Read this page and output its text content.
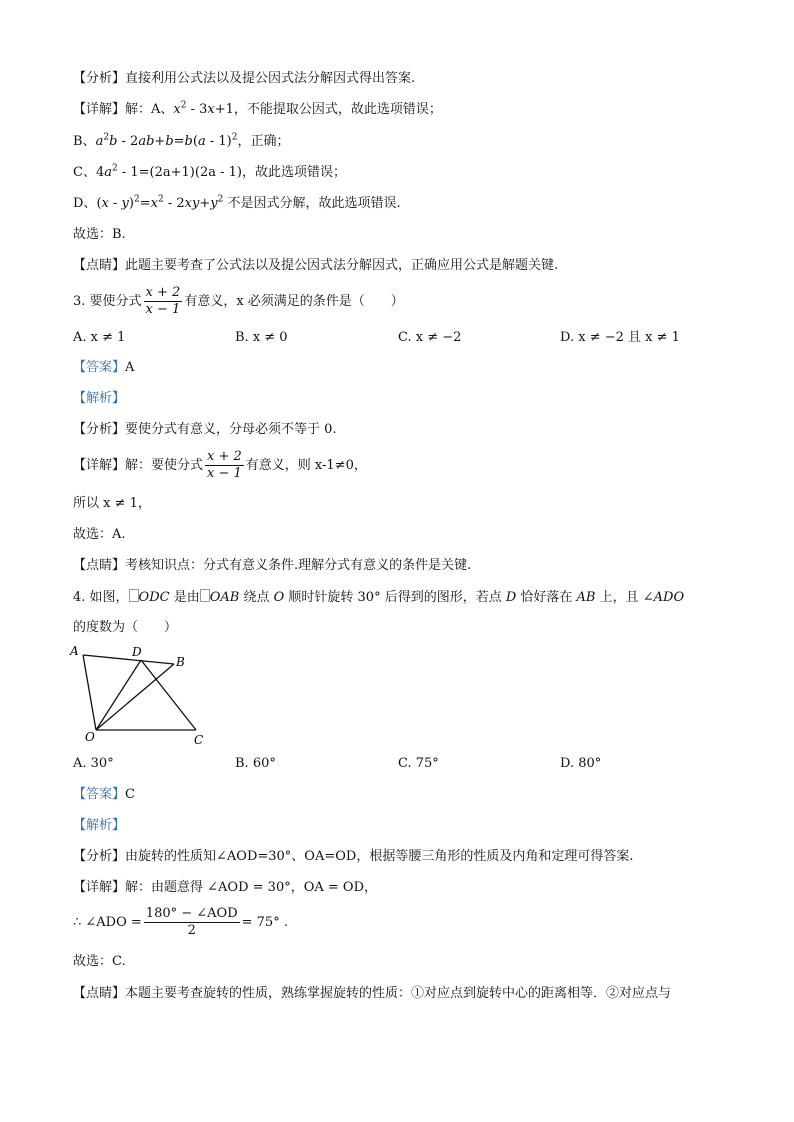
【分析】直接利用公式法以及提公因式法分解因式得出答案.
【详解】解：A、$x^2 - 3x+1$，不能提取公因式，故此选项错误；
B、$a^2b - 2ab+b=b(a - 1)^2$，正确；
C、$4a^2 - 1=(2a+1)(2a - 1)$，故此选项错误；
D、$(x - y)^2=x^2 - 2xy+y^2$ 不是因式分解，故此选项错误.
故选：B.
【点睛】此题主要考查了公式法以及提公因式法分解因式，正确应用公式是解题关键.
3. 要使分式 $\frac{x + 2}{x - 1}$ 有意义，x 必须满足的条件是（　　）
A. x ≠ 1	B. x ≠ 0	C. x ≠ −2	D. x ≠ −2 且 x ≠ 1
【答案】A
【解析】
【分析】要使分式有意义，分母必须不等于 0.
【详解】解：要使分式 $\frac{x + 2}{x - 1}$ 有意义，则 x-1≠0，
所以 x ≠ 1，
故选：A.
【点睛】考核知识点：分式有意义条件.理解分式有意义的条件是关键.
4. 如图， ODC 是由 OAB 绕点 O 顺时针旋转 30° 后得到的图形，若点 D 恰好落在 AB 上，且 ∠ADO
的度数为（　　）
A	D
B
O	C
A. 30°	B. 60°	C. 75°	D. 80°
【答案】C
【解析】
【分析】由旋转的性质知∠AOD=30°、OA=OD，根据等腰三角形的性质及内角和定理可得答案.
【详解】解：由题意得 ∠AOD = 30°，OA = OD，
∴ ∠ADO = $\frac{\text{180° − ∠AOD}}{2} = 75^\circ$ .
故选：C.
【点睛】本题主要考查旋转的性质，熟练掌握旋转的性质：①对应点到旋转中心的距离相等．②对应点与
